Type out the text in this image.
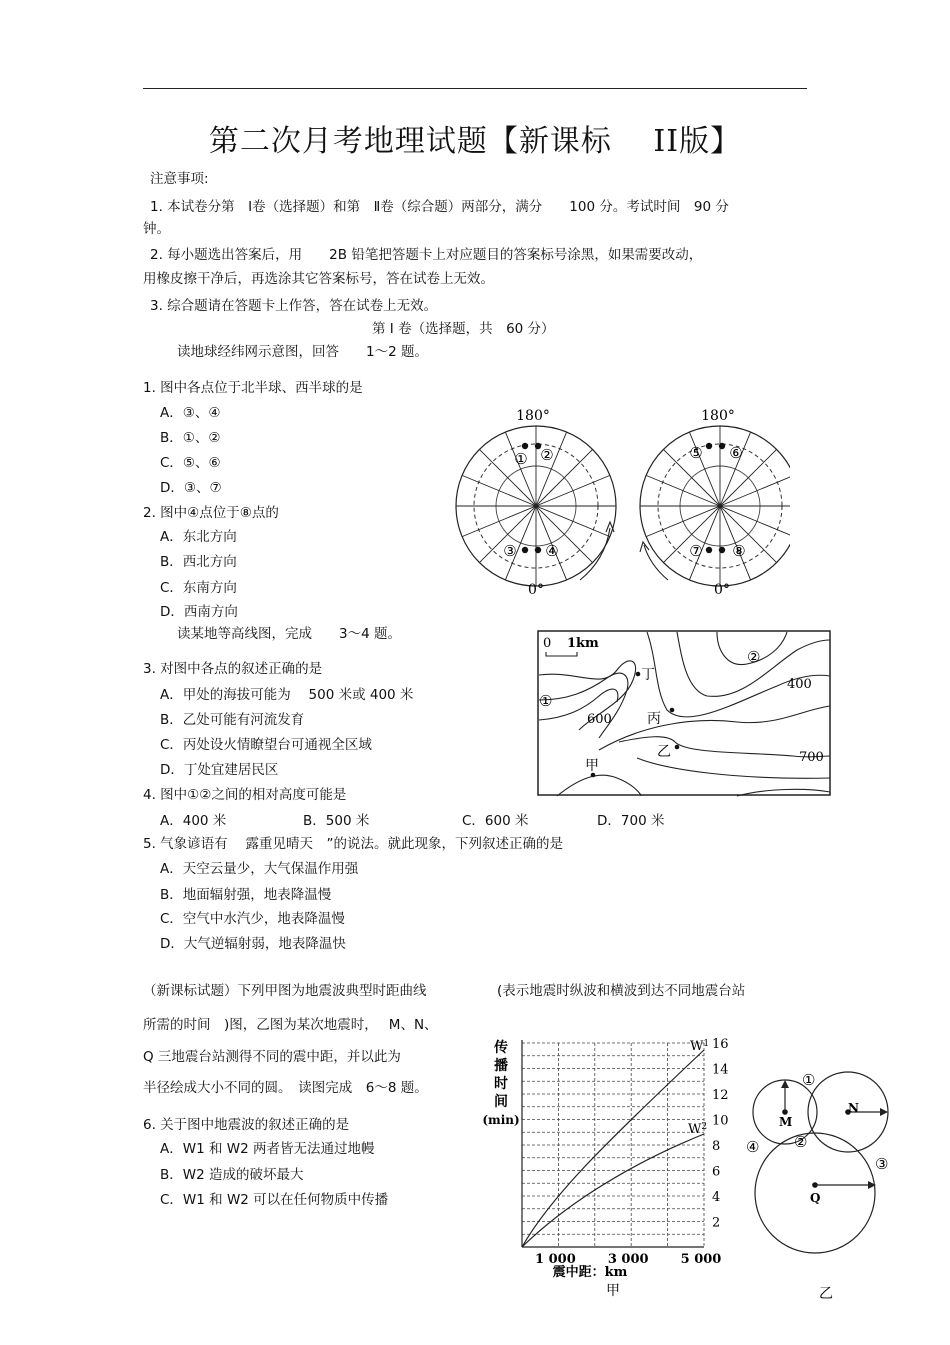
第二次月考地理试题【新课标　 II版】
注意事项:
1. 本试卷分第　Ⅰ卷（选择题）和第　Ⅱ卷（综合题）两部分，满分　　100 分。考试时间　90 分
钟。
2. 每小题选出答案后，用　　2B 铅笔把答题卡上对应题目的答案标号涂黑，如果需要改动，
用橡皮擦干净后，再选涂其它答案标号，答在试卷上无效。
3. 综合题请在答题卡上作答，答在试卷上无效。
第 I 卷（选择题，共　60 分）
读地球经纬网示意图，回答　　1～2 题。
1. 图中各点位于北半球、西半球的是
A．③、④
B．①、②
C．⑤、⑥
D．③、⑦
2. 图中④点位于⑧点的
A．东北方向
B．西北方向
C．东南方向
D．西南方向
读某地等高线图，完成　　3～4 题。
3. 对图中各点的叙述正确的是
A．甲处的海拔可能为　 500 米或 400 米
B．乙处可能有河流发育
C．丙处设火情瞭望台可通视全区域
D．丁处宜建居民区
4. 图中①②之间的相对高度可能是
A．400 米	B．500 米	C．600 米	D．700 米
5. 气象谚语有　 露重见晴天　”的说法。就此现象，下列叙述正确的是
A．天空云量少，大气保温作用强
B．地面辐射强，地表降温慢
C．空气中水汽少，地表降温慢
D．大气逆辐射弱，地表降温快
（新课标试题）下列甲图为地震波典型时距曲线	(表示地震时纵波和横波到达不同地震台站
所需的时间　)图，乙图为某次地震时，　 M、N、
Q 三地震台站测得不同的震中距，并以此为
半径绘成大小不同的圆。　读图完成　6～8 题。
6. 关于图中地震波的叙述正确的是
A．W1 和 W2 两者皆无法通过地幔
B．W2 造成的破坏最大
C．W1 和 W2 可以在任何物质中传播
180°
① ②
③ ④
0°
180°
⑤ ⑥
⑦ ⑧
0°
0 1km
①
②
400
600
700
丁
丙
乙
甲
传
播
时
间
(min)
16
14
12
10
8
6
4
2
1 000 3 000 5 000
$W^1$
$W^2$
震中距：km
甲
M
N
Q
①
②
③
④
乙
